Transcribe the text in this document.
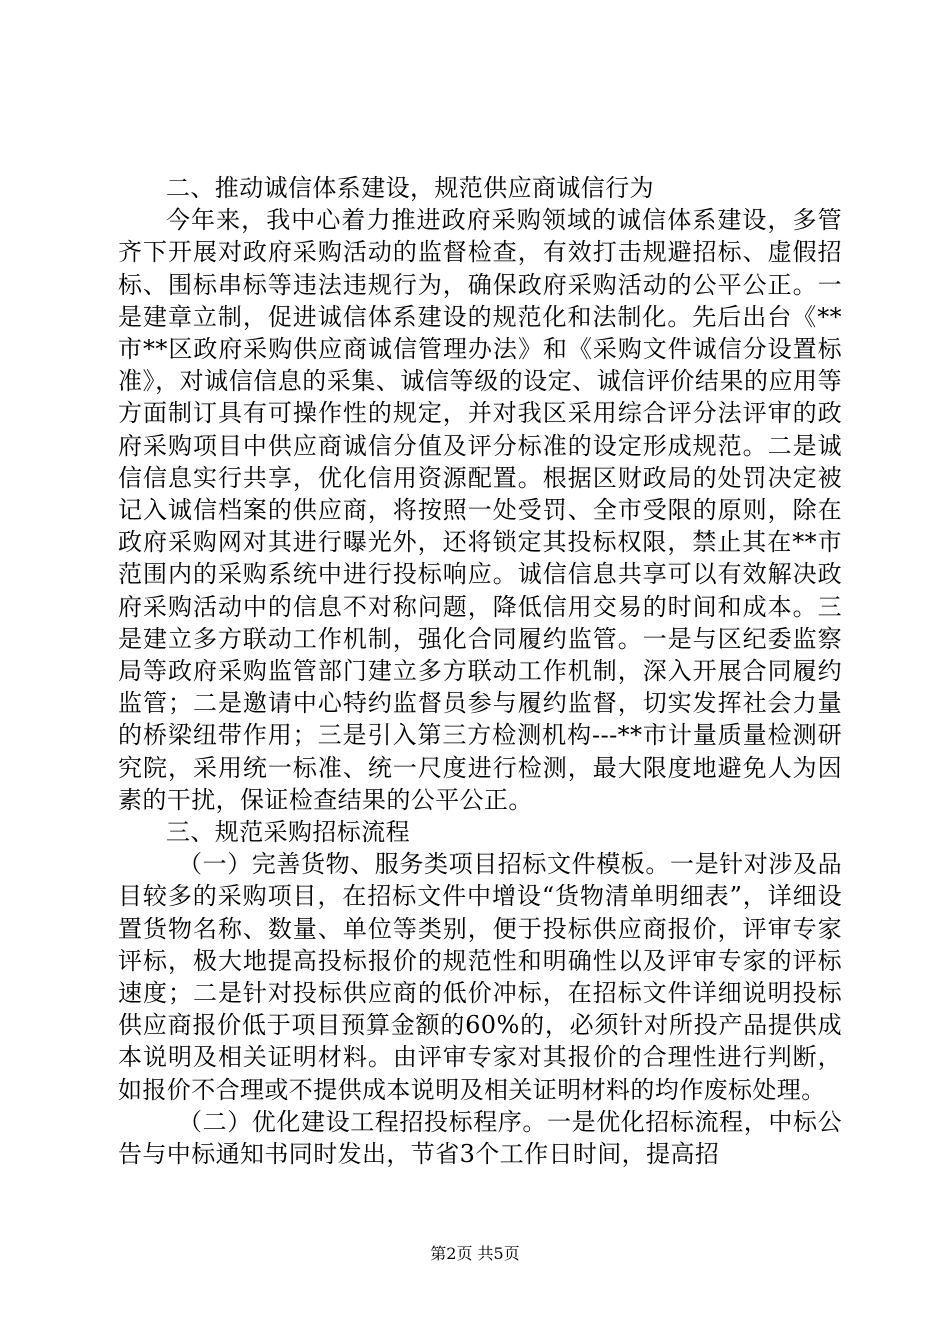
二、推动诚信体系建设，规范供应商诚信行为

今年来，我中心着力推进政府采购领域的诚信体系建设，多管齐下开展对政府采购活动的监督检查，有效打击规避招标、虚假招标、围标串标等违法违规行为，确保政府采购活动的公平公正。一是建章立制，促进诚信体系建设的规范化和法制化。先后出台《**市**区政府采购供应商诚信管理办法》和《采购文件诚信分设置标准》，对诚信信息的采集、诚信等级的设定、诚信评价结果的应用等方面制订具有可操作性的规定，并对我区采用综合评分法评审的政府采购项目中供应商诚信分值及评分标准的设定形成规范。二是诚信信息实行共享，优化信用资源配置。根据区财政局的处罚决定被记入诚信档案的供应商，将按照一处受罚、全市受限的原则，除在政府采购网对其进行曝光外，还将锁定其投标权限，禁止其在**市范围内的采购系统中进行投标响应。诚信信息共享可以有效解决政府采购活动中的信息不对称问题，降低信用交易的时间和成本。三是建立多方联动工作机制，强化合同履约监管。一是与区纪委监察局等政府采购监管部门建立多方联动工作机制，深入开展合同履约监管；二是邀请中心特约监督员参与履约监督，切实发挥社会力量的桥梁纽带作用；三是引入第三方检测机构---**市计量质量检测研究院，采用统一标准、统一尺度进行检测，最大限度地避免人为因素的干扰，保证检查结果的公平公正。

三、规范采购招标流程

（一）完善货物、服务类项目招标文件模板。一是针对涉及品目较多的采购项目，在招标文件中增设“货物清单明细表”，详细设置货物名称、数量、单位等类别，便于投标供应商报价，评审专家评标，极大地提高投标报价的规范性和明确性以及评审专家的评标速度；二是针对投标供应商的低价冲标，在招标文件详细说明投标供应商报价低于项目预算金额的60%的，必须针对所投产品提供成本说明及相关证明材料。由评审专家对其报价的合理性进行判断，如报价不合理或不提供成本说明及相关证明材料的均作废标处理。

（二）优化建设工程招投标程序。一是优化招标流程，中标公告与中标通知书同时发出，节省3个工作日时间，提高招

第2页 共5页
